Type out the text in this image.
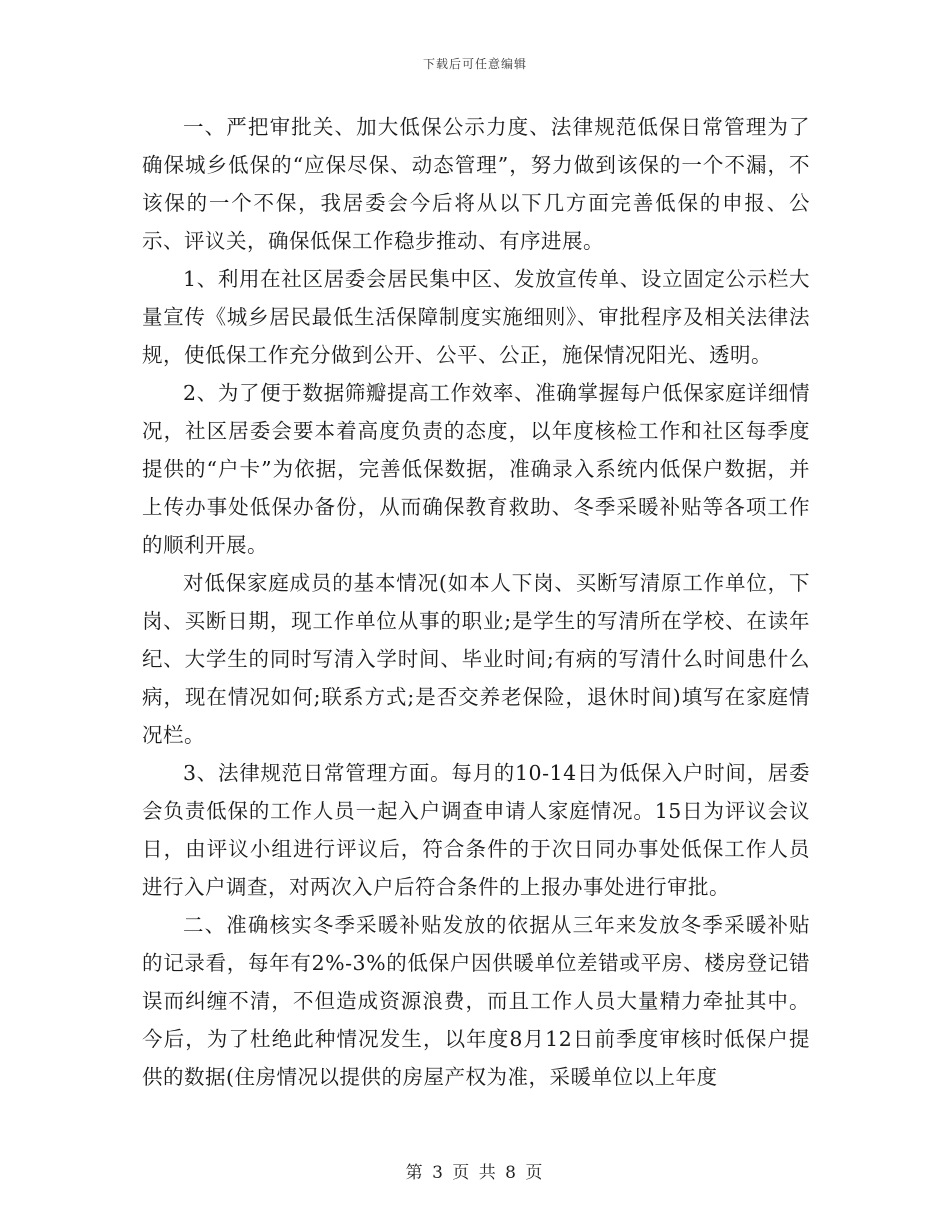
下载后可任意编辑

一、严把审批关、加大低保公示力度、法律规范低保日常管理为了确保城乡低保的“应保尽保、动态管理”，努力做到该保的一个不漏，不该保的一个不保，我居委会今后将从以下几方面完善低保的申报、公示、评议关，确保低保工作稳步推动、有序进展。

1、利用在社区居委会居民集中区、发放宣传单、设立固定公示栏大量宣传《城乡居民最低生活保障制度实施细则》、审批程序及相关法律法规，使低保工作充分做到公开、公平、公正，施保情况阳光、透明。

2、为了便于数据筛瓣提高工作效率、准确掌握每户低保家庭详细情况，社区居委会要本着高度负责的态度，以年度核检工作和社区每季度提供的“户卡”为依据，完善低保数据，准确录入系统内低保户数据，并上传办事处低保办备份，从而确保教育救助、冬季采暖补贴等各项工作的顺利开展。

对低保家庭成员的基本情况(如本人下岗、买断写清原工作单位，下岗、买断日期，现工作单位从事的职业;是学生的写清所在学校、在读年纪、大学生的同时写清入学时间、毕业时间;有病的写清什么时间患什么病，现在情况如何;联系方式;是否交养老保险，退休时间)填写在家庭情况栏。

3、法律规范日常管理方面。每月的10-14日为低保入户时间，居委会负责低保的工作人员一起入户调查申请人家庭情况。15日为评议会议日，由评议小组进行评议后，符合条件的于次日同办事处低保工作人员进行入户调查，对两次入户后符合条件的上报办事处进行审批。

二、准确核实冬季采暖补贴发放的依据从三年来发放冬季采暖补贴的记录看，每年有2%-3%的低保户因供暖单位差错或平房、楼房登记错误而纠缠不清，不但造成资源浪费，而且工作人员大量精力牵扯其中。今后，为了杜绝此种情况发生，以年度8月12日前季度审核时低保户提供的数据(住房情况以提供的房屋产权为准，采暖单位以上年度

第 3 页 共 8 页
